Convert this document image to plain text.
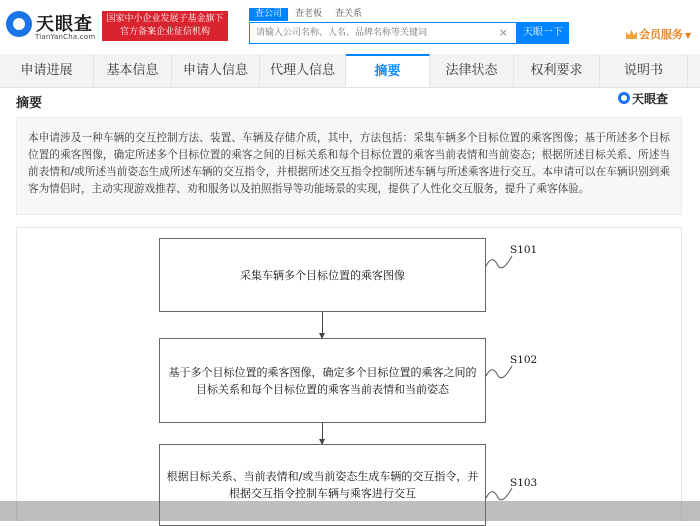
天眼查
TianYanCha.com
国家中小企业发展子基金旗下
官方备案企业征信机构
查公司	查老板 查关系
请输入公司名称、人名、品牌名称等关键词
×	天眼一下	会员服务 ▼
申请进展	基本信息	申请人信息	代理人信息	摘要	法律状态	权利要求	说明书
摘要	天眼查
本申请涉及一种车辆的交互控制方法、装置、车辆及存储介质，其中，方法包括：采集车辆多个目标位置的乘客图像；基于所述多个目标位置的乘客图像，确定所述多个目标位置的乘客之间的目标关系和每个目标位置的乘客当前表情和当前姿态；根据所述目标关系、所述当前表情和/或所述当前姿态生成所述车辆的交互指令，并根据所述交互指令控制所述车辆与所述乘客进行交互。本申请可以在车辆识别到乘客为情侣时，主动实现游戏推荐、劝和服务以及拍照指导等功能场景的实现，提供了人性化交互服务，提升了乘客体验。
采集车辆多个目标位置的乘客图像
S101
基于多个目标位置的乘客图像，确定多个目标位置的乘客之间的目标关系和每个目标位置的乘客当前表情和当前姿态
S102
根据目标关系、当前表情和/或当前姿态生成车辆的交互指令，并根据交互指令控制车辆与乘客进行交互
S103
